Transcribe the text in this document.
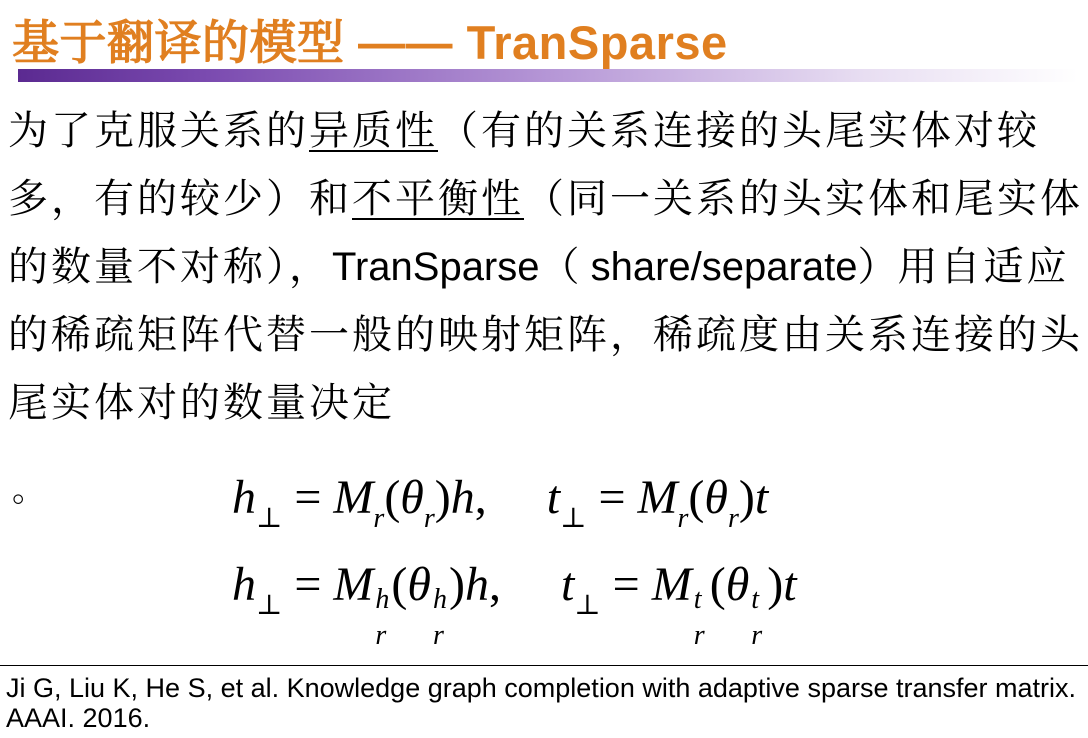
基于翻译的模型 —— TranSparse
为了克服关系的异质性（有的关系连接的头尾实体对较多，有的较少）和不平衡性（同一关系的头实体和尾实体的数量不对称），TranSparse（ share/separate）用自适应的稀疏矩阵代替一般的映射矩阵，稀疏度由关系连接的头尾实体对的数量决定
。	$h_\perp = M_r(\theta_r)h$, $t_\perp = M_r(\theta_r)t$
$h_\perp = M$ h
r
(θ h
r
)h, $t_\perp = M$ t
r
(θ t
r
)t
Ji G, Liu K, He S, et al. Knowledge graph completion with adaptive sparse transfer matrix. AAAI. 2016.
